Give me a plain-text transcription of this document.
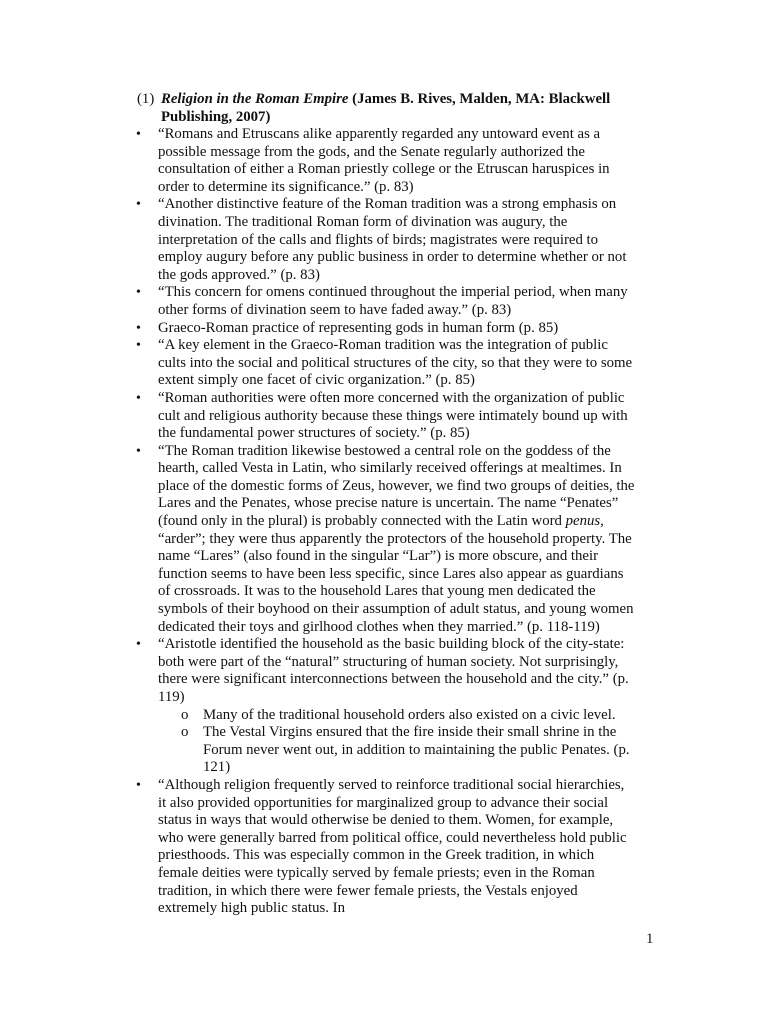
(1) Religion in the Roman Empire (James B. Rives, Malden, MA: Blackwell Publishing, 2007)
• “Romans and Etruscans alike apparently regarded any untoward event as a possible message from the gods, and the Senate regularly authorized the consultation of either a Roman priestly college or the Etruscan haruspices in order to determine its significance.” (p. 83)
• “Another distinctive feature of the Roman tradition was a strong emphasis on divination. The traditional Roman form of divination was augury, the interpretation of the calls and flights of birds; magistrates were required to employ augury before any public business in order to determine whether or not the gods approved.” (p. 83)
• “This concern for omens continued throughout the imperial period, when many other forms of divination seem to have faded away.” (p. 83)
• Graeco-Roman practice of representing gods in human form (p. 85)
• “A key element in the Graeco-Roman tradition was the integration of public cults into the social and political structures of the city, so that they were to some extent simply one facet of civic organization.” (p. 85)
• “Roman authorities were often more concerned with the organization of public cult and religious authority because these things were intimately bound up with the fundamental power structures of society.” (p. 85)
• “The Roman tradition likewise bestowed a central role on the goddess of the hearth, called Vesta in Latin, who similarly received offerings at mealtimes. In place of the domestic forms of Zeus, however, we find two groups of deities, the Lares and the Penates, whose precise nature is uncertain. The name “Penates” (found only in the plural) is probably connected with the Latin word penus, “arder”; they were thus apparently the protectors of the household property. The name “Lares” (also found in the singular “Lar”) is more obscure, and their function seems to have been less specific, since Lares also appear as guardians of crossroads. It was to the household Lares that young men dedicated the symbols of their boyhood on their assumption of adult status, and young women dedicated their toys and girlhood clothes when they married.” (p. 118-119)
• “Aristotle identified the household as the basic building block of the city-state: both were part of the “natural” structuring of human society. Not surprisingly, there were significant interconnections between the household and the city.” (p. 119)
o Many of the traditional household orders also existed on a civic level.
o The Vestal Virgins ensured that the fire inside their small shrine in the Forum never went out, in addition to maintaining the public Penates. (p. 121)
• “Although religion frequently served to reinforce traditional social hierarchies, it also provided opportunities for marginalized group to advance their social status in ways that would otherwise be denied to them. Women, for example, who were generally barred from political office, could nevertheless hold public priesthoods. This was especially common in the Greek tradition, in which female deities were typically served by female priests; even in the Roman tradition, in which there were fewer female priests, the Vestals enjoyed extremely high public status. In
1
